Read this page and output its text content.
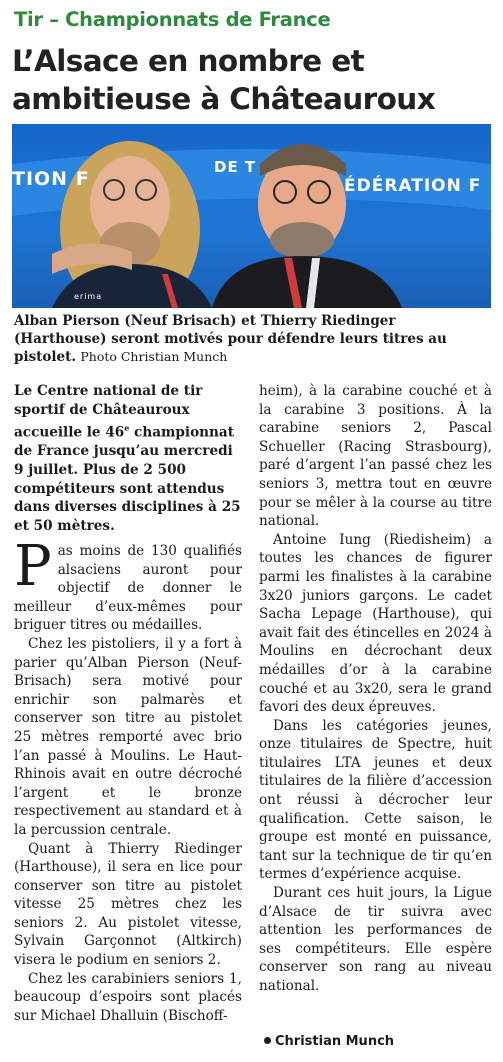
Tir – Championnats de France
L’Alsace en nombre et ambitieuse à Châteauroux
TION F
DE T
ÉDÉRATION F
erima
Alban Pierson (Neuf Brisach) et Thierry Riedinger (Harthouse) seront motivés pour défendre leurs titres au pistolet. Photo Christian Munch
Le Centre national de tir sportif de Châteauroux accueille le 46e championnat de France jusqu’au mercredi 9 juillet. Plus de 2 500 compétiteurs sont attendus dans diverses disciplines à 25 et 50 mètres.

Pas moins de 130 qualifiés alsaciens auront pour objectif de donner le meilleur d’eux-mêmes pour briguer titres ou médailles.

Chez les pistoliers, il y a fort à parier qu’Alban Pierson (Neuf-Brisach) sera motivé pour enrichir son palmarès et conserver son titre au pistolet 25 mètres remporté avec brio l’an passé à Moulins. Le Haut-Rhinois avait en outre décroché l’argent et le bronze respectivement au standard et à la percussion centrale.

Quant à Thierry Riedinger (Harthouse), il sera en lice pour conserver son titre au pistolet vitesse 25 mètres chez les seniors 2. Au pistolet vitesse, Sylvain Garçonnot (Altkirch) visera le podium en seniors 2.

Chez les carabiniers seniors 1, beaucoup d’espoirs sont placés sur Michael Dhalluin (Bischoff-

heim), à la carabine couché et à la carabine 3 positions. À la carabine seniors 2, Pascal Schueller (Racing Strasbourg), paré d’argent l’an passé chez les seniors 3, mettra tout en œuvre pour se mêler à la course au titre national.

Antoine Iung (Riedisheim) a toutes les chances de figurer parmi les finalistes à la carabine 3x20 juniors garçons. Le cadet Sacha Lepage (Harthouse), qui avait fait des étincelles en 2024 à Moulins en décrochant deux médailles d’or à la carabine couché et au 3x20, sera le grand favori des deux épreuves.

Dans les catégories jeunes, onze titulaires de Spectre, huit titulaires LTA jeunes et deux titulaires de la filière d’accession ont réussi à décrocher leur qualification. Cette saison, le groupe est monté en puissance, tant sur la technique de tir qu’en termes d’expérience acquise.

Durant ces huit jours, la Ligue d’Alsace de tir suivra avec attention les performances de ses compétiteurs. Elle espère conserver son rang au niveau national.

Christian Munch
